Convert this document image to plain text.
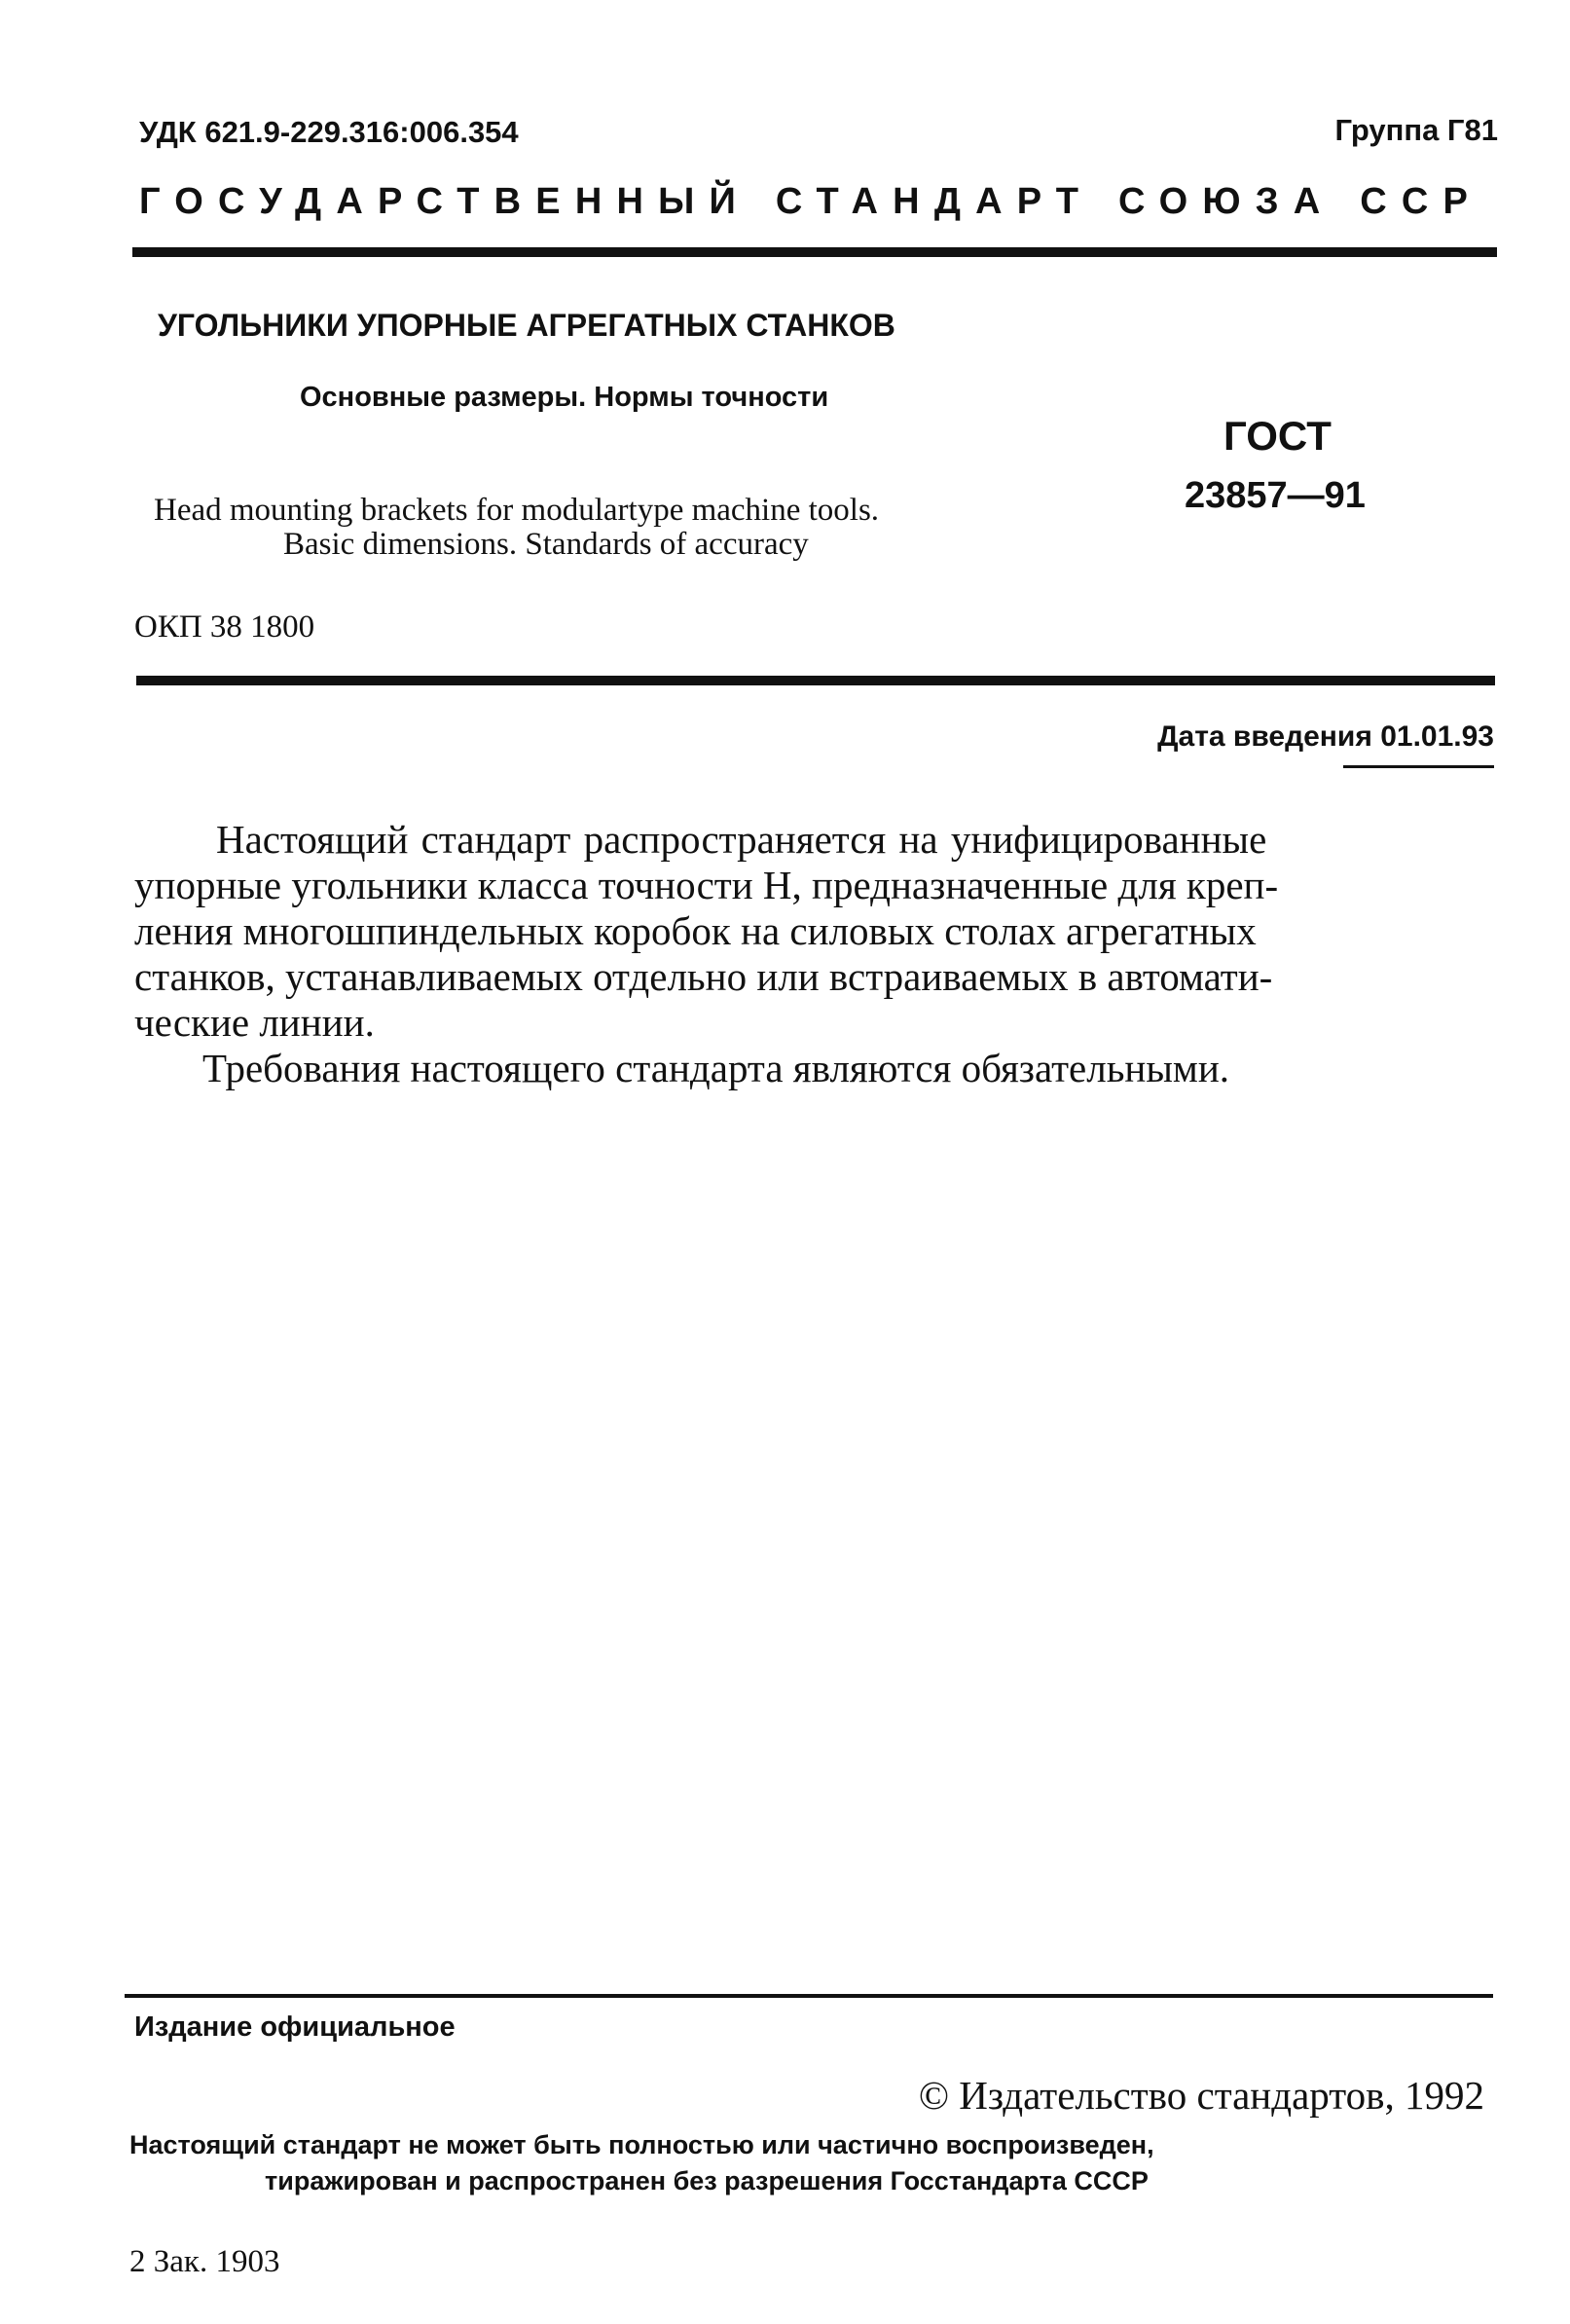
УДК 621.9-229.316:006.354	Группа Г81
ГОСУДАРСТВЕННЫЙ СТАНДАРТ СОЮЗА ССР
УГОЛЬНИКИ УПОРНЫЕ АГРЕГАТНЫХ СТАНКОВ
Основные размеры. Нормы точности
ГОСТ
23857—91
Head mounting brackets for modulartype machine tools.
Basic dimensions. Standards of accuracy
ОКП 38 1800
Дата введения 01.01.93
Настоящий стандарт распространяется на унифицированные
упорные угольники класса точности Н, предназначенные для креп-
ления многошпиндельных коробок на силовых столах агрегатных
станков, устанавливаемых отдельно или встраиваемых в автомати-
ческие линии.
Требования настоящего стандарта являются обязательными.
Издание официальное
© Издательство стандартов, 1992
Настоящий стандарт не может быть полностью или частично воспроизведен,
тиражирован и распространен без разрешения Госстандарта СССР
2 Зак. 1903
